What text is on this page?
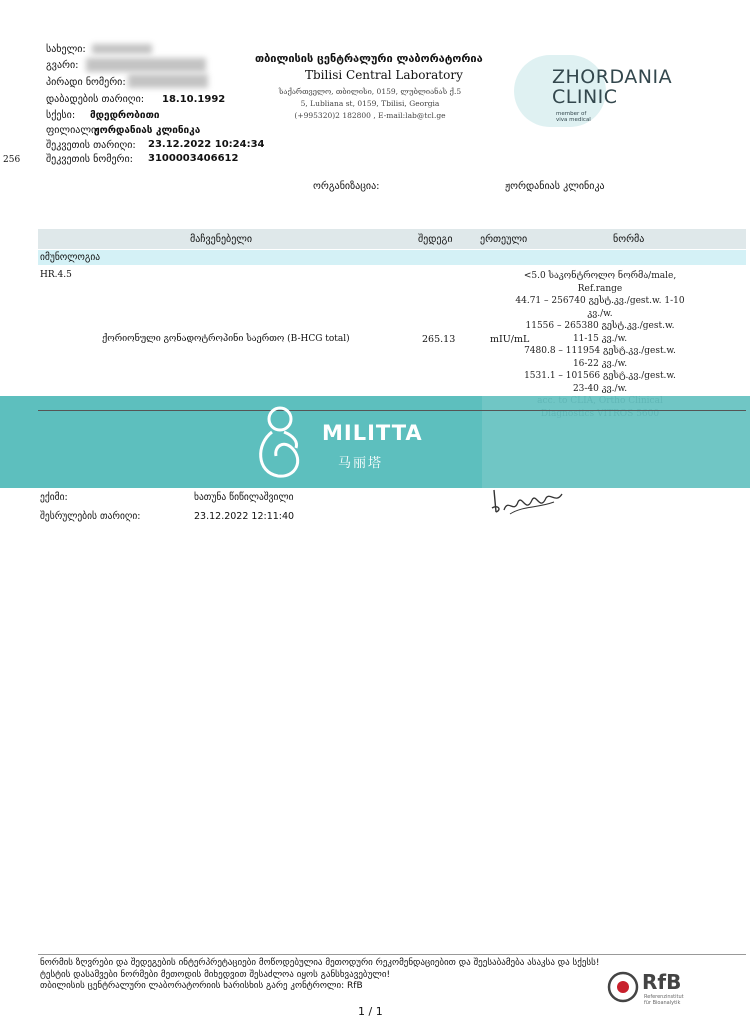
სახელი:
გვარი:
პირადი ნომერი:
დაბადების თარიღი: 18.10.1992
სქესი: მდედრობითი
ფილიალი:
ჟორდანიას კლინიკა
შეკვეთის თარიღი: 23.12.2022 10:24:34
შეკვეთის ნომერი: 3100003406612
256
თბილისის ცენტრალური ლაბორატორია
Tbilisi Central Laboratory
საქართველო, თბილისი, 0159, ლუბლიანას ქ.5
5, Lubliana st, 0159, Tbilisi, Georgia
(+995320)2 182800 , E-mail:lab@tcl.ge
ZHORDANIA
CLINIC
member of
viva medical
ორგანიზაცია:	ჟორდანიას კლინიკა
მაჩვენებელი	შედეგი	ერთეული	ნორმა
იმუნოლოგია
HR.4.5
ქორიონული გონადოტროპინი საერთო (B-HCG total)	265.13	mIU/mL
<5.0 საკონტროლო ნორმა/male,
Ref.range
44.71 – 256740 გესტ.კვ./gest.w. 1-10
კვ./w.
11556 – 265380 გესტ.კვ./gest.w.
11-15 კვ./w.
7480.8 – 111954 გესტ.კვ./gest.w.
16-22 კვ./w.
1531.1 – 101566 გესტ.კვ./gest.w.
23-40 კვ./w.
MILITTA
马丽塔
ექიმი:	ხათუნა წიწილაშვილი
შესრულების თარიღი:	23.12.2022 12:11:40
ნორმის ზღვრები და შედეგების ინტერპრეტაციები მოწოდებულია მეთოდური რეკომენდაციებით და შეესაბამება ასაკსა და სქესს!
ტესტის დასამვები ნორმები მეთოდის მიხედვით შესაძლოა იყოს განსხვავებული!
თბილისის ცენტრალური ლაბორატორიის ხარისხის გარე კონტროლი: RfB	RfB
Referenzinstitut
für Bioanalytik
1 / 1
